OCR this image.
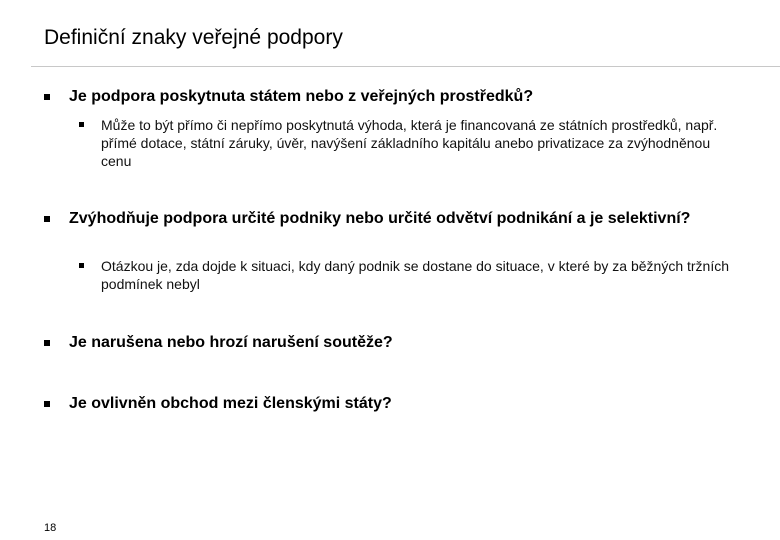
Definiční znaky veřejné podpory
Je podpora poskytnuta státem nebo z veřejných prostředků?
Může to být přímo či nepřímo poskytnutá výhoda, která je financovaná ze státních prostředků, např. přímé dotace, státní záruky, úvěr, navýšení základního kapitálu anebo privatizace za zvýhodněnou cenu
Zvýhodňuje podpora určité podniky nebo určité odvětví podnikání a je selektivní?
Otázkou je, zda dojde k situaci, kdy daný podnik se dostane do situace, v které by za běžných tržních podmínek nebyl
Je narušena nebo hrozí narušení soutěže?
Je ovlivněn obchod mezi členskými státy?
18
